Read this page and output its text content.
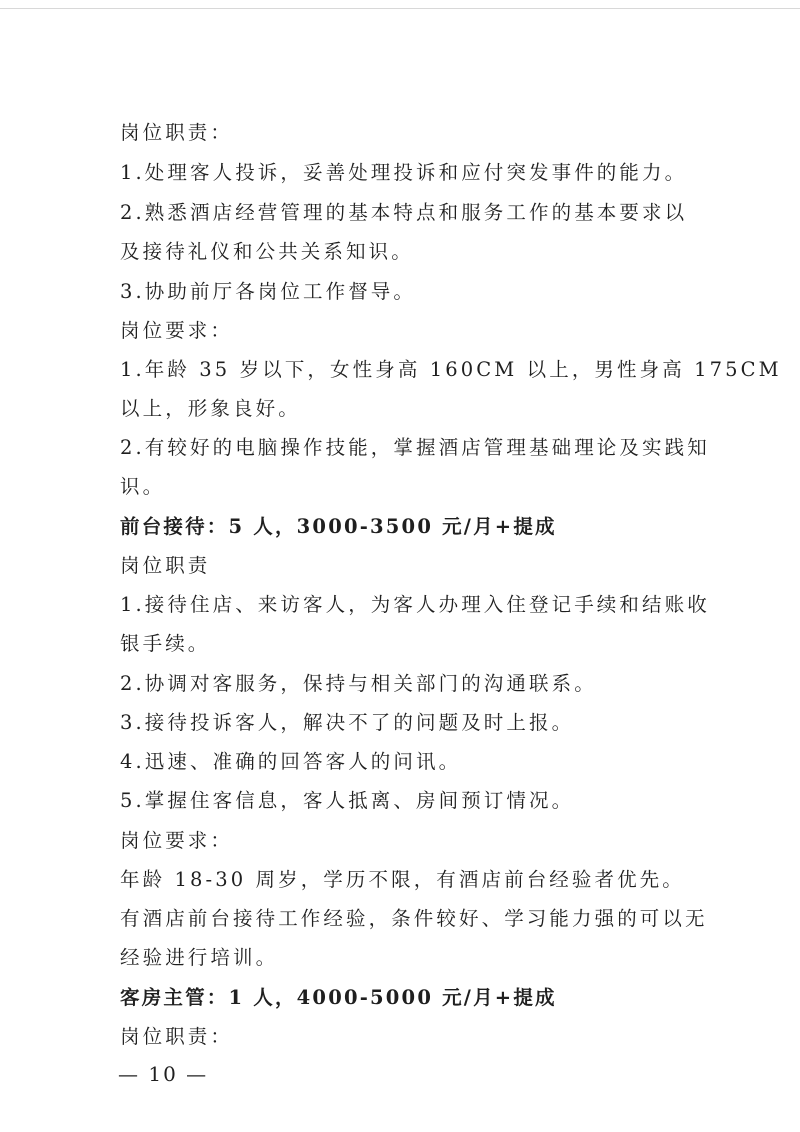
岗位职责：
1.处理客人投诉，妥善处理投诉和应付突发事件的能力。
2.熟悉酒店经营管理的基本特点和服务工作的基本要求以
及接待礼仪和公共关系知识。
3.协助前厅各岗位工作督导。
岗位要求：
1.年龄 35 岁以下，女性身高 160CM 以上，男性身高 175CM
以上，形象良好。
2.有较好的电脑操作技能，掌握酒店管理基础理论及实践知
识。
前台接待：5 人，3000-3500 元/月+提成
岗位职责
1.接待住店、来访客人，为客人办理入住登记手续和结账收
银手续。
2.协调对客服务，保持与相关部门的沟通联系。
3.接待投诉客人，解决不了的问题及时上报。
4.迅速、准确的回答客人的问讯。
5.掌握住客信息，客人抵离、房间预订情况。
岗位要求：
年龄 18-30 周岁，学历不限，有酒店前台经验者优先。
有酒店前台接待工作经验，条件较好、学习能力强的可以无
经验进行培训。
客房主管：1 人，4000-5000 元/月+提成
岗位职责：
— 10 —
